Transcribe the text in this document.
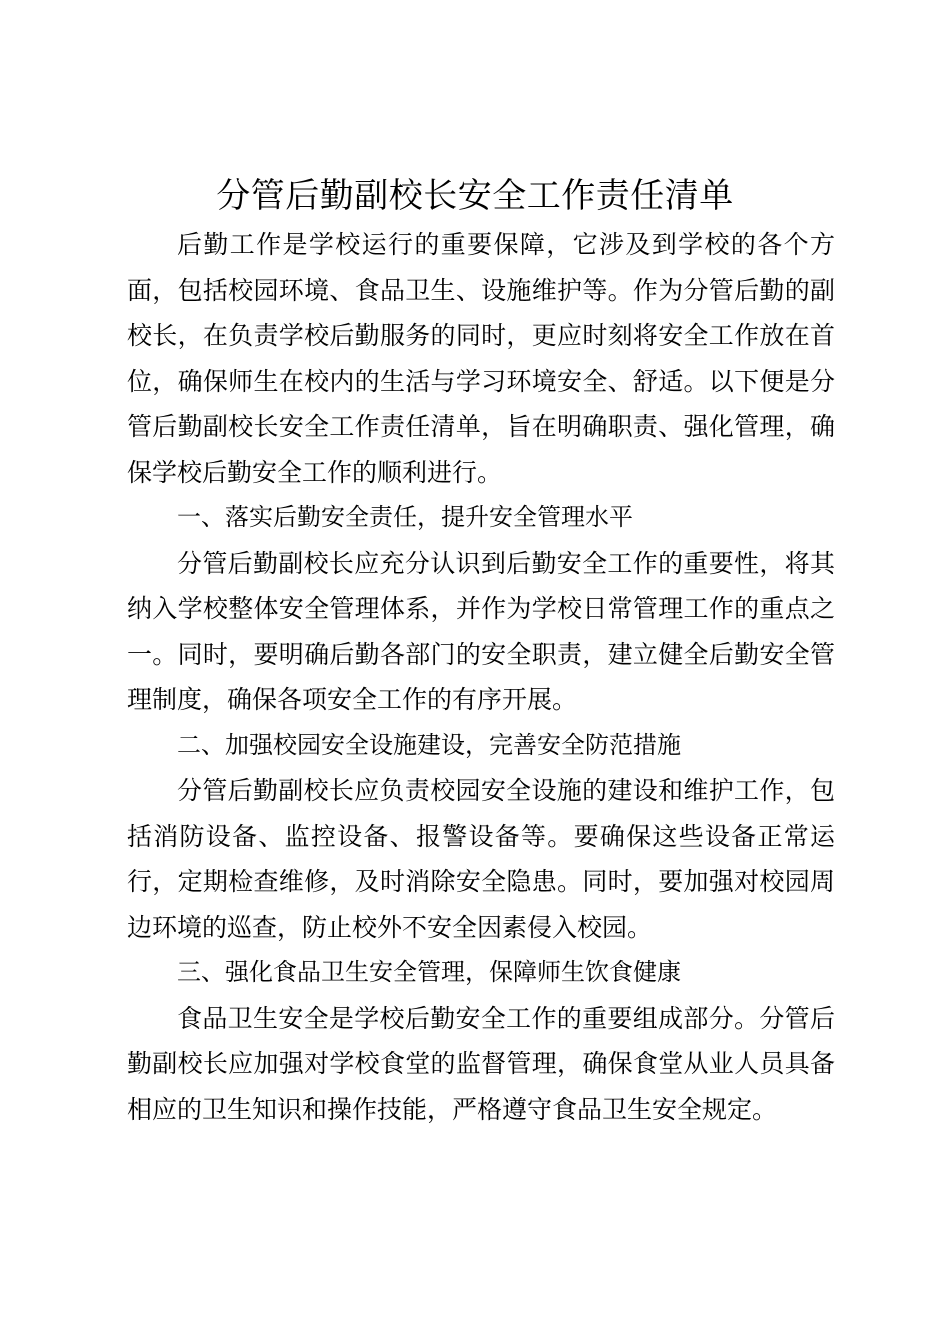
分管后勤副校长安全工作责任清单

后勤工作是学校运行的重要保障，它涉及到学校的各个方面，包括校园环境、食品卫生、设施维护等。作为分管后勤的副校长，在负责学校后勤服务的同时，更应时刻将安全工作放在首位，确保师生在校内的生活与学习环境安全、舒适。以下便是分管后勤副校长安全工作责任清单，旨在明确职责、强化管理，确保学校后勤安全工作的顺利进行。

一、落实后勤安全责任，提升安全管理水平

分管后勤副校长应充分认识到后勤安全工作的重要性，将其纳入学校整体安全管理体系，并作为学校日常管理工作的重点之一。同时，要明确后勤各部门的安全职责，建立健全后勤安全管理制度，确保各项安全工作的有序开展。

二、加强校园安全设施建设，完善安全防范措施

分管后勤副校长应负责校园安全设施的建设和维护工作，包括消防设备、监控设备、报警设备等。要确保这些设备正常运行，定期检查维修，及时消除安全隐患。同时，要加强对校园周边环境的巡查，防止校外不安全因素侵入校园。

三、强化食品卫生安全管理，保障师生饮食健康

食品卫生安全是学校后勤安全工作的重要组成部分。分管后勤副校长应加强对学校食堂的监督管理，确保食堂从业人员具备相应的卫生知识和操作技能，严格遵守食品卫生安全规定。
